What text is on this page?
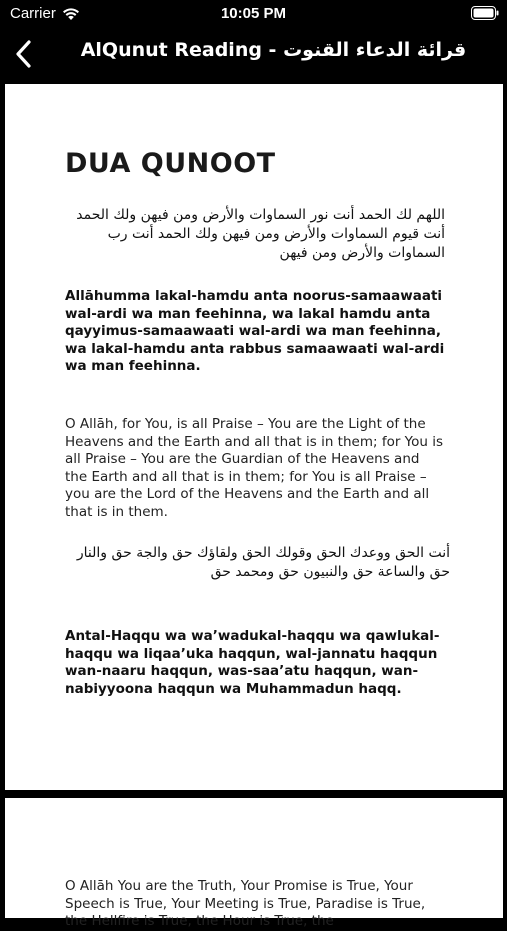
Carrier	10:05 PM
AlQunut Reading - قرائة الدعاء القنوت
DUA QUNOOT
اللهم لك الحمد أنت نور السماوات والأرض ومن فيهن ولك الحمد أنت قيوم السماوات والأرض ومن فيهن ولك الحمد أنت رب السماوات والأرض ومن فيهن
Allāhumma lakal-hamdu anta noorus-samaawaati wal-ardi wa man feehinna, wa lakal hamdu anta qayyimus-samaawaati wal-ardi wa man feehinna, wa lakal-hamdu anta rabbus samaawaati wal-ardi wa man feehinna.
O Allāh, for You, is all Praise – You are the Light of the Heavens and the Earth and all that is in them; for You is all Praise – You are the Guardian of the Heavens and the Earth and all that is in them; for You is all Praise – you are the Lord of the Heavens and the Earth and all that is in them.
أنت الحق ووعدك الحق وقولك الحق ولقاؤك حق والجة حق والنار حق والساعة حق والنبيون حق ومحمد حق
Antal-Haqqu wa wa’wadukal-haqqu wa qawlukal-haqqu wa liqaa’uka haqqun, wal-jannatu haqqun wan-naaru haqqun, was-saa’atu haqqun, wan-nabiyyoona haqqun wa Muhammadun haqq.
O Allāh You are the Truth, Your Promise is True, Your Speech is True, Your Meeting is True, Paradise is True, the Hellfire is True, the Hour is True, the
